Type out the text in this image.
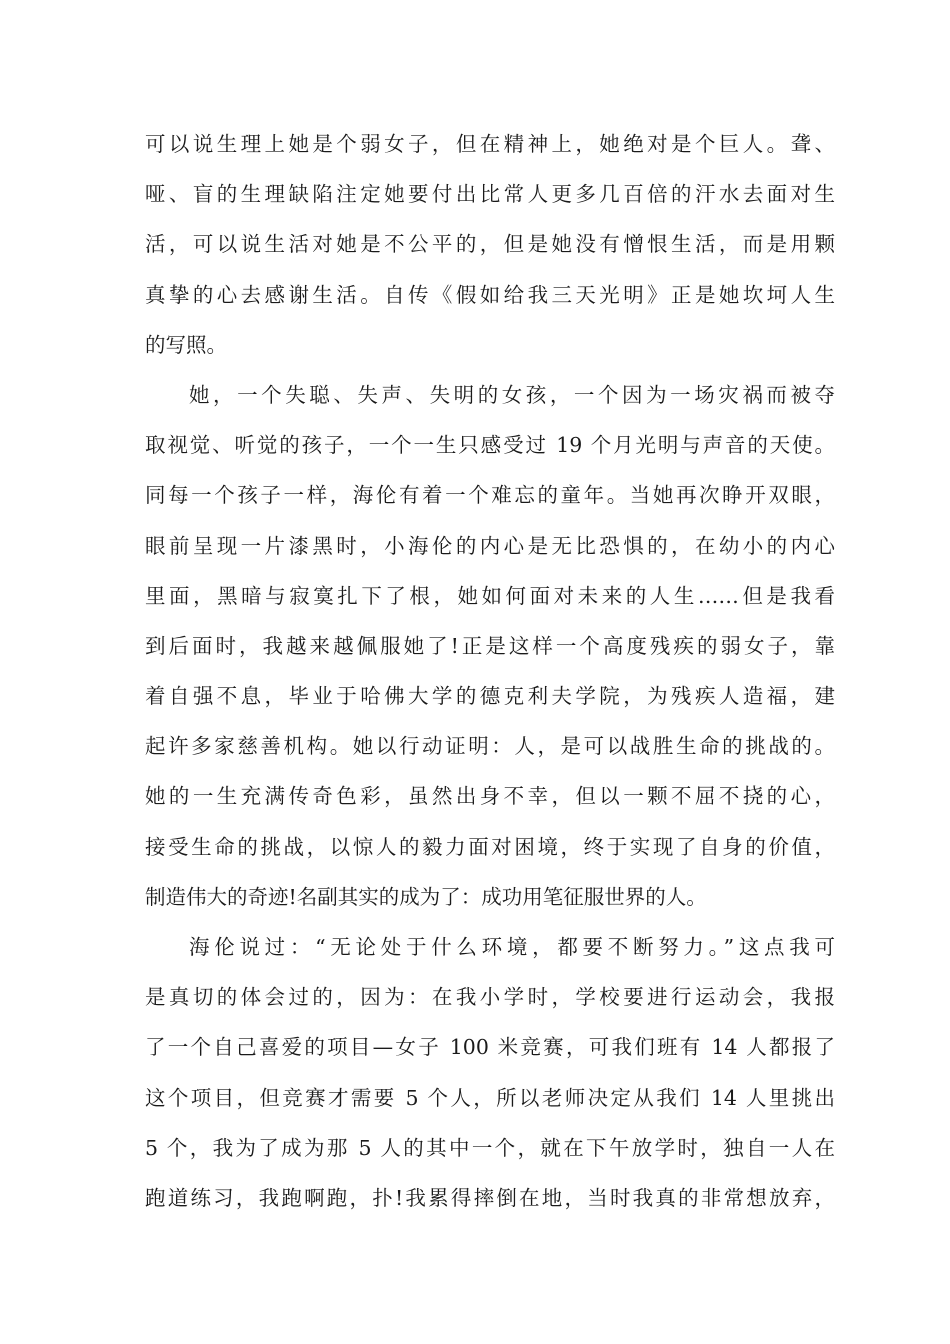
可以说生理上她是个弱女子，但在精神上，她绝对是个巨人。聋、
哑、盲的生理缺陷注定她要付出比常人更多几百倍的汗水去面对生
活，可以说生活对她是不公平的，但是她没有憎恨生活，而是用颗
真挚的心去感谢生活。自传《假如给我三天光明》正是她坎坷人生
的写照。
她，一个失聪、失声、失明的女孩，一个因为一场灾祸而被夺
取视觉、听觉的孩子，一个一生只感受过 19 个月光明与声音的天使。
同每一个孩子一样，海伦有着一个难忘的童年。当她再次睁开双眼，
眼前呈现一片漆黑时，小海伦的内心是无比恐惧的，在幼小的内心
里面，黑暗与寂寞扎下了根，她如何面对未来的人生……但是我看
到后面时，我越来越佩服她了!正是这样一个高度残疾的弱女子，靠
着自强不息，毕业于哈佛大学的德克利夫学院，为残疾人造福，建
起许多家慈善机构。她以行动证明：人，是可以战胜生命的挑战的。
她的一生充满传奇色彩，虽然出身不幸，但以一颗不屈不挠的心，
接受生命的挑战，以惊人的毅力面对困境，终于实现了自身的价值，
制造伟大的奇迹!名副其实的成为了：成功用笔征服世界的人。
海伦说过：“无论处于什么环境，都要不断努力。”这点我可
是真切的体会过的，因为：在我小学时，学校要进行运动会，我报
了一个自己喜爱的项目—女子 100 米竞赛，可我们班有 14 人都报了
这个项目，但竞赛才需要 5 个人，所以老师决定从我们 14 人里挑出
5 个，我为了成为那 5 人的其中一个，就在下午放学时，独自一人在
跑道练习，我跑啊跑，扑!我累得摔倒在地，当时我真的非常想放弃，
